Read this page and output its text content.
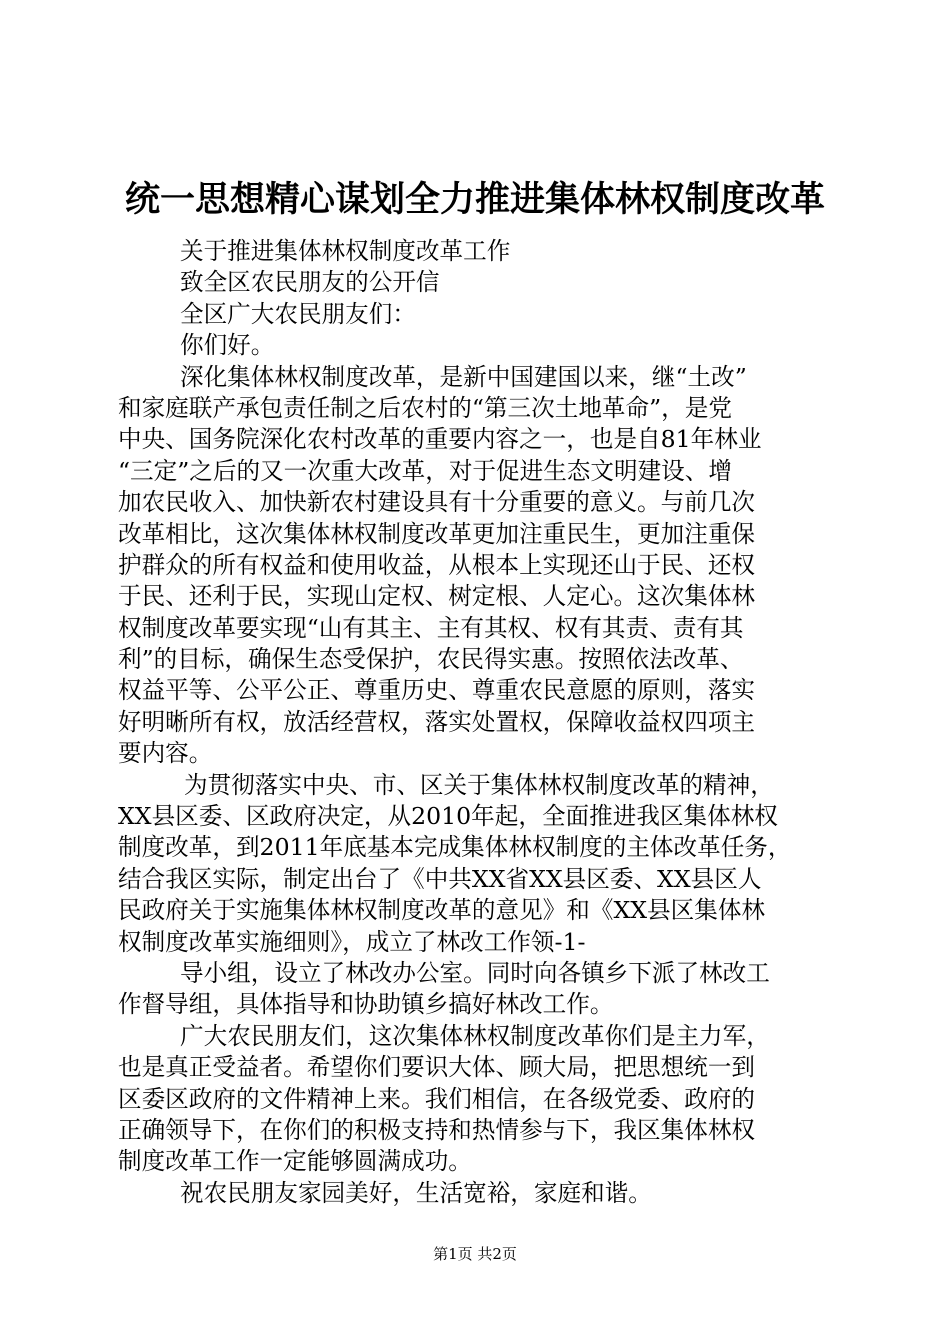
统一思想精心谋划全力推进集体林权制度改革
关于推进集体林权制度改革工作
致全区农民朋友的公开信
全区广大农民朋友们：
你们好。
深化集体林权制度改革，是新中国建国以来，继“土改”
和家庭联产承包责任制之后农村的“第三次土地革命”，是党
中央、国务院深化农村改革的重要内容之一，也是自81年林业
“三定”之后的又一次重大改革，对于促进生态文明建设、增
加农民收入、加快新农村建设具有十分重要的意义。与前几次
改革相比，这次集体林权制度改革更加注重民生，更加注重保
护群众的所有权益和使用收益，从根本上实现还山于民、还权
于民、还利于民，实现山定权、树定根、人定心。这次集体林
权制度改革要实现“山有其主、主有其权、权有其责、责有其
利”的目标，确保生态受保护，农民得实惠。按照依法改革、
权益平等、公平公正、尊重历史、尊重农民意愿的原则，落实
好明晰所有权，放活经营权，落实处置权，保障收益权四项主
要内容。
为贯彻落实中央、市、区关于集体林权制度改革的精神，
XX县区委、区政府决定，从2010年起，全面推进我区集体林权
制度改革，到2011年底基本完成集体林权制度的主体改革任务，
结合我区实际，制定出台了《中共XX省XX县区委、XX县区人
民政府关于实施集体林权制度改革的意见》和《XX县区集体林
权制度改革实施细则》，成立了林改工作领-1-
导小组，设立了林改办公室。同时向各镇乡下派了林改工
作督导组，具体指导和协助镇乡搞好林改工作。
广大农民朋友们，这次集体林权制度改革你们是主力军，
也是真正受益者。希望你们要识大体、顾大局，把思想统一到
区委区政府的文件精神上来。我们相信，在各级党委、政府的
正确领导下，在你们的积极支持和热情参与下，我区集体林权
制度改革工作一定能够圆满成功。
祝农民朋友家园美好，生活宽裕，家庭和谐。
第1页 共2页
